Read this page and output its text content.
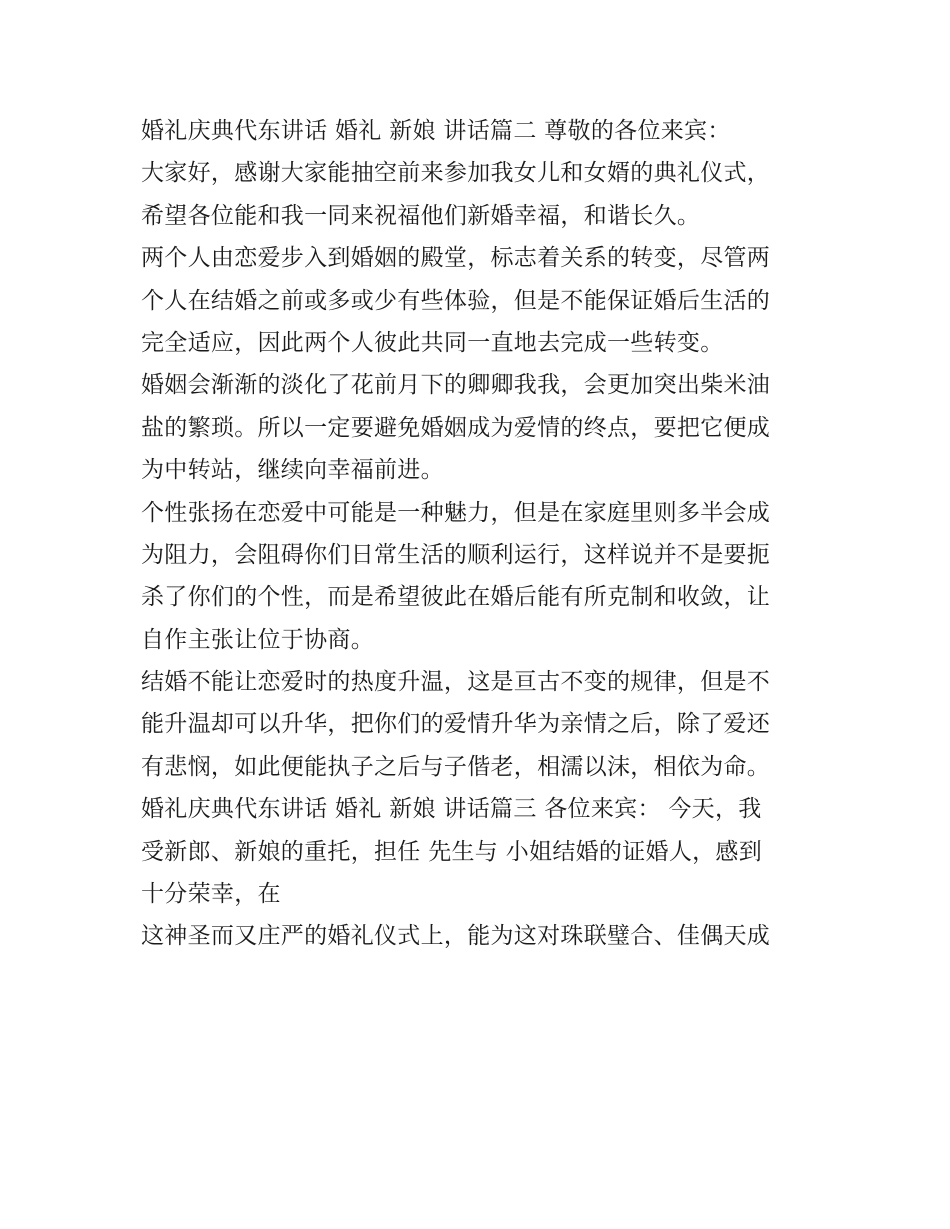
婚礼庆典代东讲话 婚礼 新娘 讲话篇二 尊敬的各位来宾：
大家好，感谢大家能抽空前来参加我女儿和女婿的典礼仪式，
希望各位能和我一同来祝福他们新婚幸福，和谐长久。
两个人由恋爱步入到婚姻的殿堂，标志着关系的转变，尽管两
个人在结婚之前或多或少有些体验，但是不能保证婚后生活的
完全适应，因此两个人彼此共同一直地去完成一些转变。
婚姻会渐渐的淡化了花前月下的卿卿我我，会更加突出柴米油
盐的繁琐。所以一定要避免婚姻成为爱情的终点，要把它便成
为中转站，继续向幸福前进。
个性张扬在恋爱中可能是一种魅力，但是在家庭里则多半会成
为阻力，会阻碍你们日常生活的顺利运行，这样说并不是要扼
杀了你们的个性，而是希望彼此在婚后能有所克制和收敛，让
自作主张让位于协商。
结婚不能让恋爱时的热度升温，这是亘古不变的规律，但是不
能升温却可以升华，把你们的爱情升华为亲情之后，除了爱还
有悲悯，如此便能执子之后与子偕老，相濡以沫，相依为命。
婚礼庆典代东讲话 婚礼 新娘 讲话篇三 各位来宾： 今天，我
受新郎、新娘的重托，担任 先生与 小姐结婚的证婚人，感到
十分荣幸，在
这神圣而又庄严的婚礼仪式上，能为这对珠联璧合、佳偶天成
